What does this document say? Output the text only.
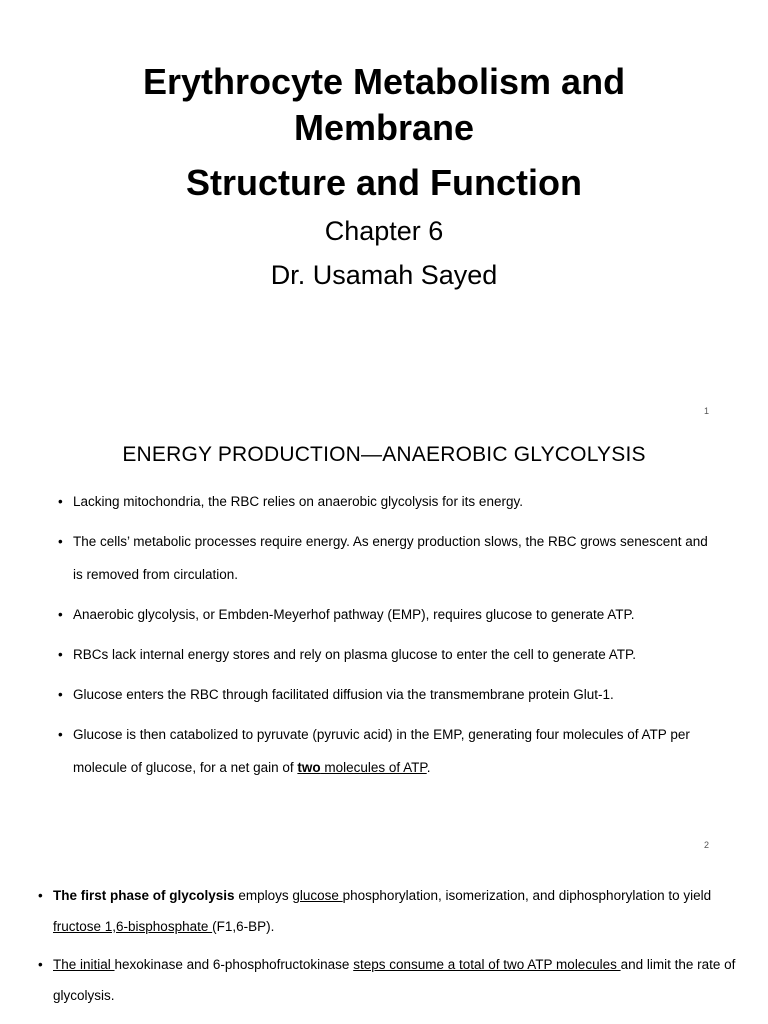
Erythrocyte Metabolism and
Membrane
Structure and Function
Chapter 6
Dr. Usamah Sayed
1
ENERGY PRODUCTION—ANAEROBIC GLYCOLYSIS
• Lacking mitochondria, the RBC relies on anaerobic glycolysis for its energy.
• The cells’ metabolic processes require energy. As energy production slows, the RBC grows senescent and is removed from circulation.
• Anaerobic glycolysis, or Embden-Meyerhof pathway (EMP), requires glucose to generate ATP.
• RBCs lack internal energy stores and rely on plasma glucose to enter the cell to generate ATP.
• Glucose enters the RBC through facilitated diffusion via the transmembrane protein Glut-1.
• Glucose is then catabolized to pyruvate (pyruvic acid) in the EMP, generating four molecules of ATP per molecule of glucose, for a net gain of two molecules of ATP.
2
• The first phase of glycolysis employs glucose phosphorylation, isomerization, and diphosphorylation to yield fructose 1,6-bisphosphate (F1,6-BP).
• The initial hexokinase and 6-phosphofructokinase steps consume a total of two ATP molecules and limit the rate of glycolysis.
